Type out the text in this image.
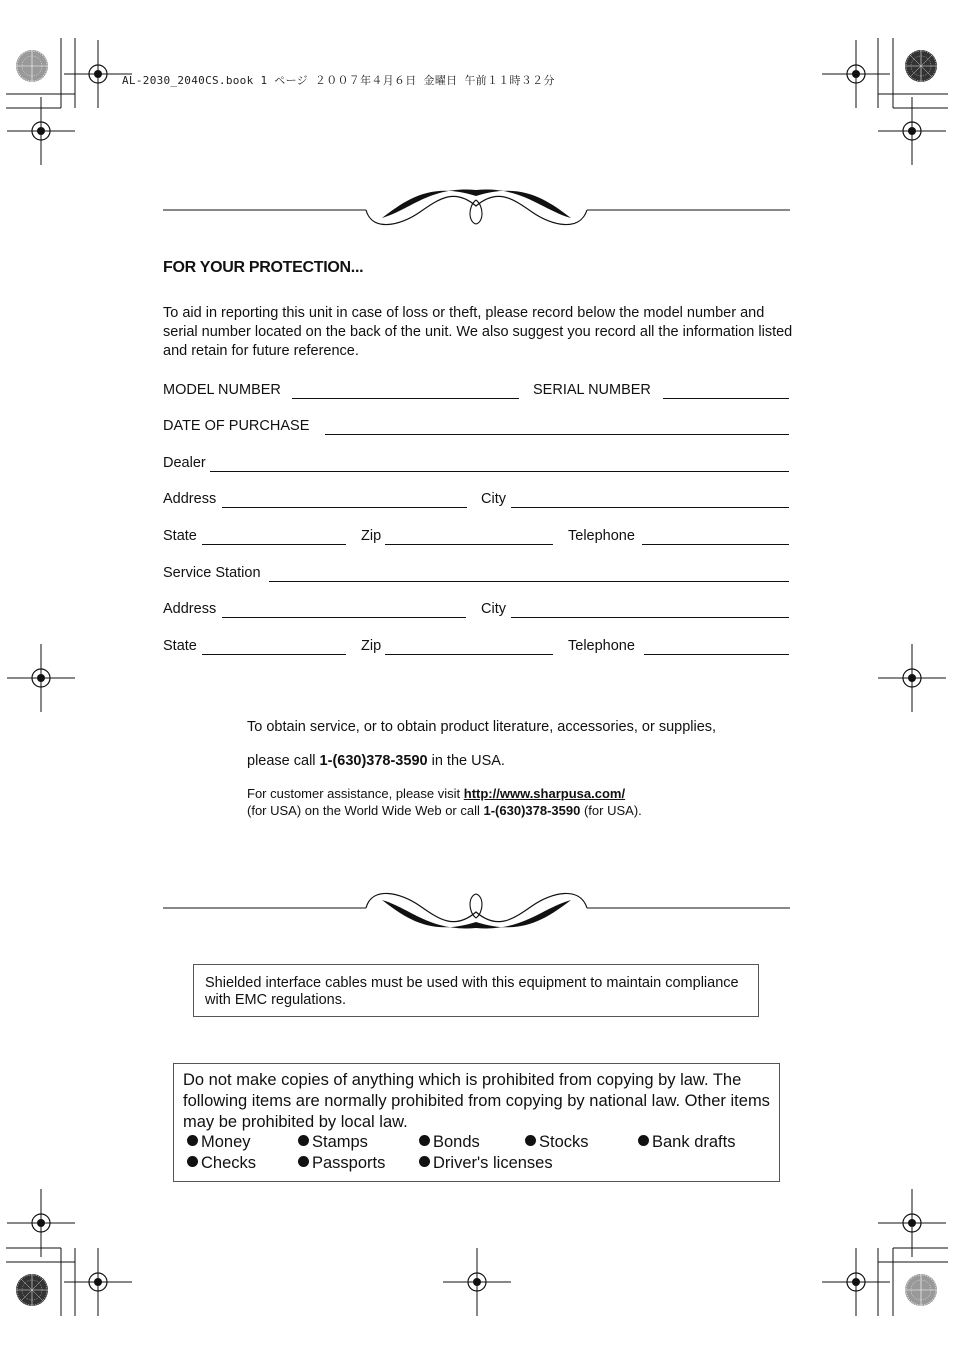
AL-2030_2040CS.book 1 ページ ２００７年４月６日 金曜日 午前１１時３２分
FOR YOUR PROTECTION...
To aid in reporting this unit in case of loss or theft, please record below the model number and serial number located on the back of the unit. We also suggest you record all the information listed and retain for future reference.
MODEL NUMBER	SERIAL NUMBER
DATE OF PURCHASE
Dealer
Address	City
State	Zip	Telephone
Service Station
Address	City
State	Zip	Telephone

To obtain service, or to obtain product literature, accessories, or supplies,

please call 1-(630)378-3590 in the USA.

For customer assistance, please visit http://www.sharpusa.com/
(for USA) on the World Wide Web or call 1-(630)378-3590 (for USA).

Shielded interface cables must be used with this equipment to maintain compliance with EMC regulations.
Do not make copies of anything which is prohibited from copying by law. The following items are normally prohibited from copying by national law. Other items may be prohibited by local law.
Money	Stamps	Bonds	Stocks	Bank drafts
Checks	Passports	Driver's licenses
